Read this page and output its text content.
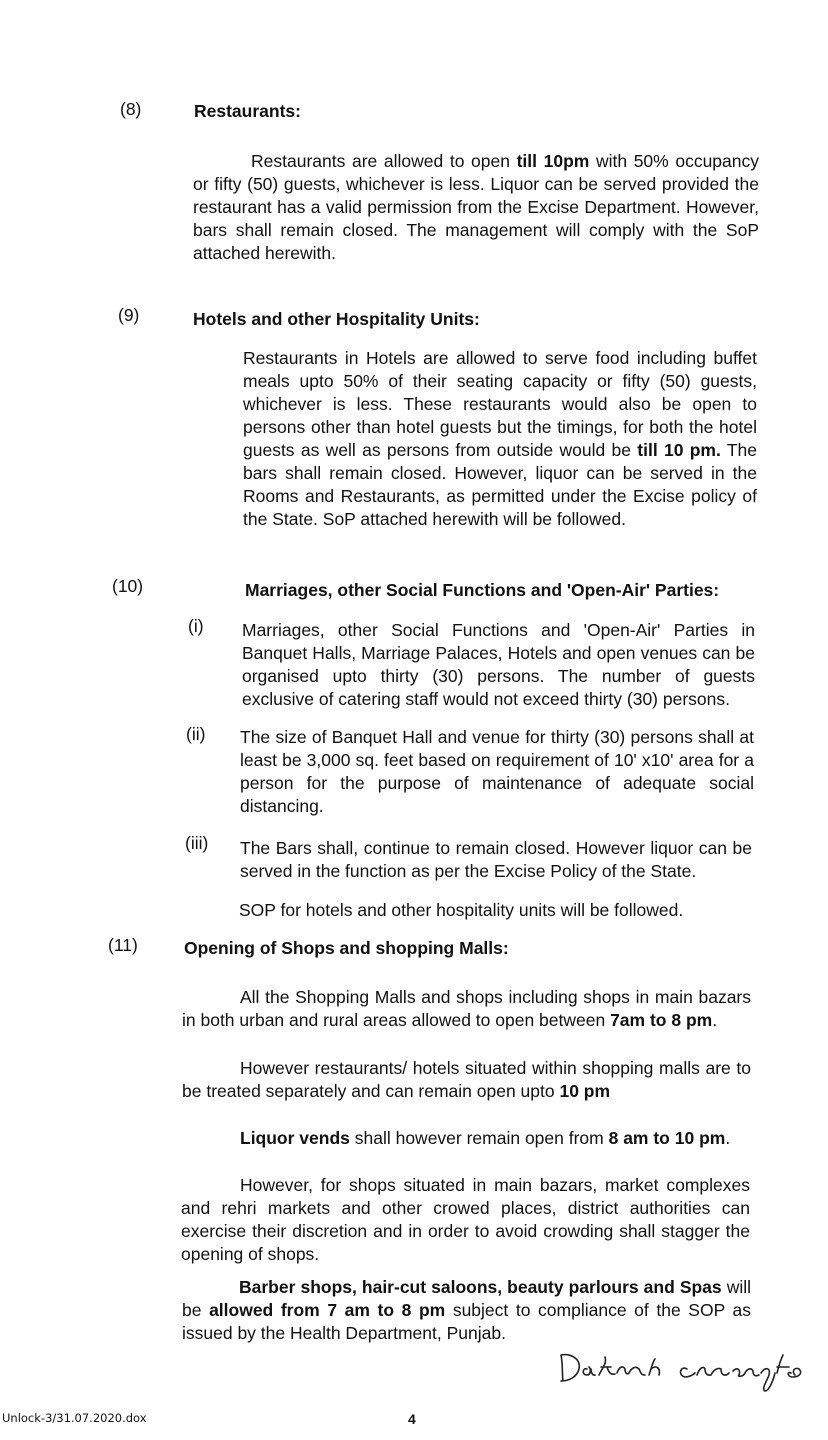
(8)	Restaurants:
Restaurants are allowed to open till 10pm with 50% occupancy or fifty (50) guests, whichever is less. Liquor can be served provided the restaurant has a valid permission from the Excise Department. However, bars shall remain closed. The management will comply with the SoP attached herewith.
(9)	Hotels and other Hospitality Units:
Restaurants in Hotels are allowed to serve food including buffet meals upto 50% of their seating capacity or fifty (50) guests, whichever is less. These restaurants would also be open to persons other than hotel guests but the timings, for both the hotel guests as well as persons from outside would be till 10 pm. The bars shall remain closed. However, liquor can be served in the Rooms and Restaurants, as permitted under the Excise policy of the State. SoP attached herewith will be followed.
(10)	Marriages, other Social Functions and 'Open-Air' Parties:
(i) Marriages, other Social Functions and 'Open-Air' Parties in Banquet Halls, Marriage Palaces, Hotels and open venues can be organised upto thirty (30) persons. The number of guests exclusive of catering staff would not exceed thirty (30) persons.
(ii) The size of Banquet Hall and venue for thirty (30) persons shall at least be 3,000 sq. feet based on requirement of 10' x10' area for a person for the purpose of maintenance of adequate social distancing.
(iii) The Bars shall, continue to remain closed. However liquor can be served in the function as per the Excise Policy of the State.
SOP for hotels and other hospitality units will be followed.
(11)	Opening of Shops and shopping Malls:
All the Shopping Malls and shops including shops in main bazars in both urban and rural areas allowed to open between 7am to 8 pm.
However restaurants/ hotels situated within shopping malls are to be treated separately and can remain open upto 10 pm
Liquor vends shall however remain open from 8 am to 10 pm.
However, for shops situated in main bazars, market complexes and rehri markets and other crowed places, district authorities can exercise their discretion and in order to avoid crowding shall stagger the opening of shops.
Barber shops, hair-cut saloons, beauty parlours and Spas will be allowed from 7 am to 8 pm subject to compliance of the SOP as issued by the Health Department, Punjab.
Unlock-3/31.07.2020.dox	4
